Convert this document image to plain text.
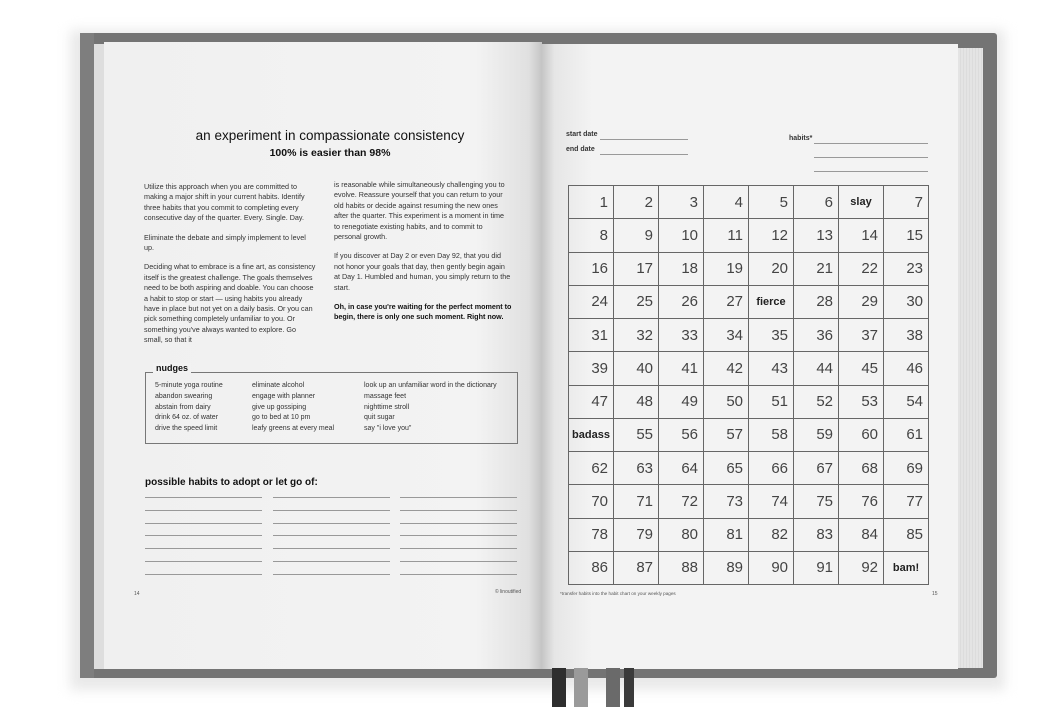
an experiment in compassionate consistency
100% is easier than 98%

Utilize this approach when you are committed to making a major shift in your current habits. Identify three habits that you commit to completing every consecutive day of the quarter. Every. Single. Day.

Eliminate the debate and simply implement to level up.

Deciding what to embrace is a fine art, as consistency itself is the greatest challenge. The goals themselves need to be both aspiring and doable. You can choose a habit to stop or start — using habits you already have in place but not yet on a daily basis. Or you can pick something completely unfamiliar to you. Or something you've always wanted to explore. Go small, so that it

is reasonable while simultaneously challenging you to evolve. Reassure yourself that you can return to your old habits or decide against resuming the new ones after the quarter. This experiment is a moment in time to renegotiate existing habits, and to commit to personal growth.

If you discover at Day 2 or even Day 92, that you did not honor your goals that day, then gently begin again at Day 1. Humbled and human, you simply return to the start.

Oh, in case you're waiting for the perfect moment to begin, there is only one such moment. Right now.

nudges
5-minute yoga routine
abandon swearing
abstain from dairy
drink 64 oz. of water
drive the speed limit
eliminate alcohol
engage with planner
give up gossiping
go to bed at 10 pm
leafy greens at every meal
look up an unfamiliar word in the dictionary
massage feet
nighttime stroll
quit sugar
say "i love you"
possible habits to adopt or let go of:
14	© linoutified
start date
end date
habits*
1	2	3	4	5	6	slay	7
8	9	10	11	12	13	14	15
16	17	18	19	20	21	22	23
24	25	26	27	fierce	28	29	30
31	32	33	34	35	36	37	38
39	40	41	42	43	44	45	46
47	48	49	50	51	52	53	54
badass	55	56	57	58	59	60	61
62	63	64	65	66	67	68	69
70	71	72	73	74	75	76	77
78	79	80	81	82	83	84	85
86	87	88	89	90	91	92	bam!
*transfer habits into the habit chart on your weekly pages	15
